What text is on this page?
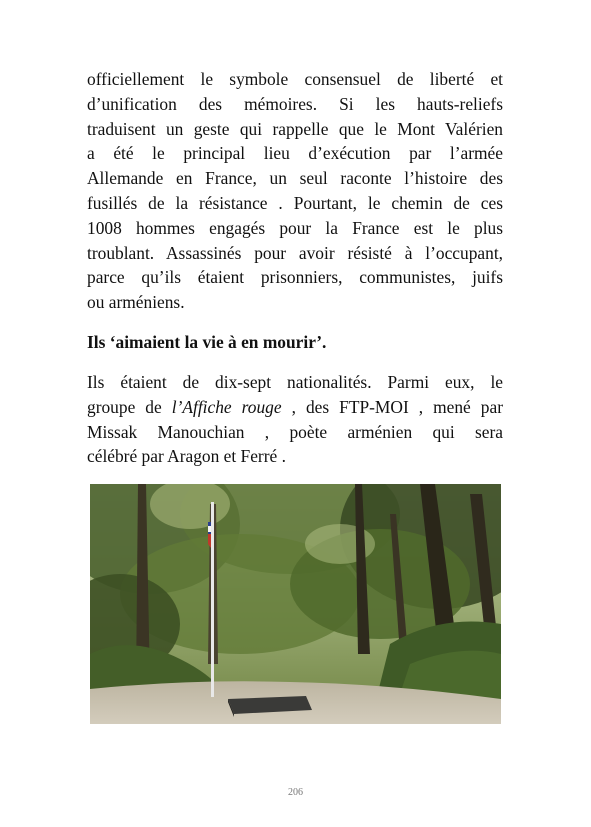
officiellement le symbole consensuel de liberté et
d’unification des mémoires. Si les hauts-reliefs
traduisent un geste qui rappelle que le Mont Valérien
a été le principal lieu d’exécution par l’armée
Allemande en France, un seul raconte l’histoire des
fusillés de la résistance . Pourtant, le chemin de ces
1008 hommes engagés pour la France est le plus
troublant. Assassinés pour avoir résisté à l’occupant,
parce qu’ils étaient prisonniers, communistes, juifs
ou arméniens.
Ils ‘aimaient la vie à en mourir’.
Ils étaient de dix-sept nationalités. Parmi eux, le
groupe de l’Affiche rouge , des FTP-MOI , mené par
Missak Manouchian , poète arménien qui sera
célébré par Aragon et Ferré .
206
